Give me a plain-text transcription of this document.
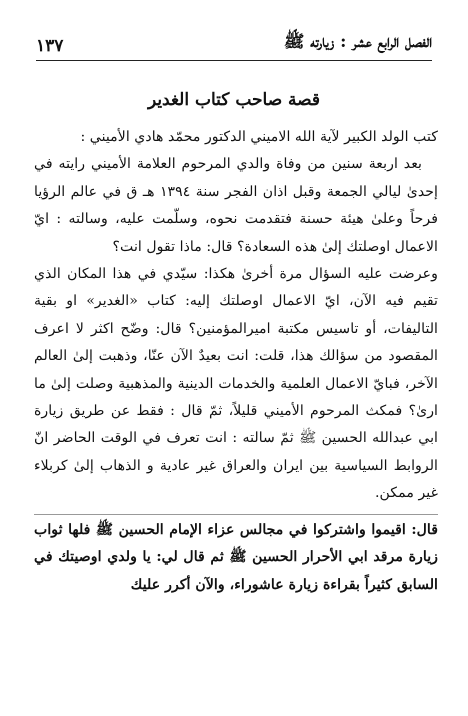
الفصل الرابع عشر : زيارته ﷺ
١٣٧
قصة صاحب كتاب الغدير

كتب الولد الكبير لآية الله الاميني الدكتور محمّد هادي الأميني :

بعد اربعة سنين من وفاة والدي المرحوم العلامة الأميني رايته في إحدىٰ ليالي الجمعة وقبل اذان الفجر سنة ١٣٩٤ هـ ق في عالم الرؤيا فرحاً وعلىٰ هيئة حسنة فتقدمت نحوه، وسلّمت عليه، وسالته : ايّ الاعمال اوصلتك إلىٰ هذه السعادة؟ قال: ماذا تقول انت؟

وعرضت عليه السؤال مرة أخرىٰ هكذا: سيّدي في هذا المكان الذي تقيم فيه الآن، ايّ الاعمال اوصلتك إليه: كتاب «الغدير» او بقية التاليفات، أو تاسيس مكتبة اميرالمؤمنين؟ قال: وضّح اكثر لا اعرف المقصود من سؤالك هذا، قلت: انت بعيدٌ الآن عنّا، وذهبت إلىٰ العالم الآخر، فبايّ الاعمال العلمية والخدمات الدينية والمذهبية وصلت إلىٰ ما ارىٰ؟ فمكث المرحوم الأميني قليلاً، ثمّ قال : فقط عن طريق زيارة ابي عبدالله الحسين ﷺ ثمّ سالته : انت تعرف في الوقت الحاضر انّ الروابط السياسية بين ايران والعراق غير عادية و الذهاب إلىٰ كربلاء غير ممكن.

قال: اقيموا واشتركوا في مجالس عزاء الإمام الحسين ﷺ فلها ثواب زيارة مرقد ابي الأحرار الحسين ﷺ ثم قال لي: يا ولدي اوصيتك في السابق كثيراً بقراءة زيارة عاشوراء، والآن أكرر عليك
